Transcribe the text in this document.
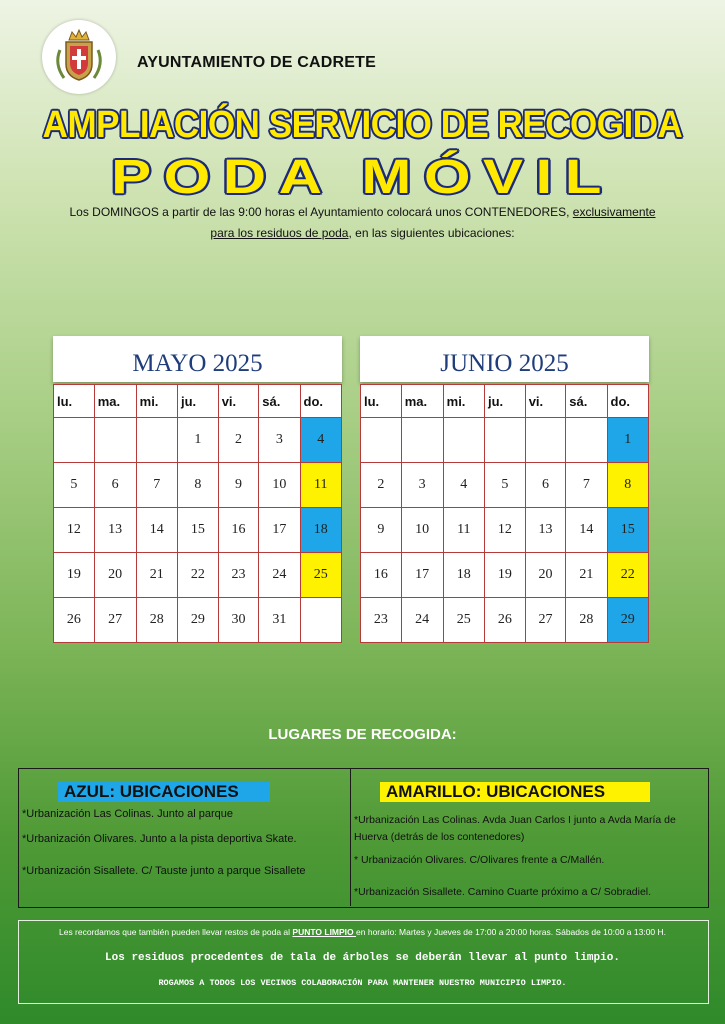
AYUNTAMIENTO DE CADRETE
AMPLIACIÓN SERVICIO DE RECOGIDA
PODA MÓVIL
Los DOMINGOS a partir de las 9:00 horas el Ayuntamiento colocará unos CONTENEDORES, exclusivamente
para los residuos de poda, en las siguientes ubicaciones:
MAYO 2025
lu.	ma.	mi.	ju.	vi.	sá.	do.
			1	2	3	4
5	6	7	8	9	10	11
12	13	14	15	16	17	18
19	20	21	22	23	24	25
26	27	28	29	30	31	
JUNIO 2025
lu.	ma.	mi.	ju.	vi.	sá.	do.
						1
2	3	4	5	6	7	8
9	10	11	12	13	14	15
16	17	18	19	20	21	22
23	24	25	26	27	28	29
LUGARES DE RECOGIDA:
AZUL: UBICACIONES
*Urbanización Las Colinas. Junto al parque
*Urbanización Olivares. Junto a la pista deportiva Skate.
*Urbanización Sisallete. C/ Tauste junto a parque Sisallete
AMARILLO: UBICACIONES
*Urbanización Las Colinas. Avda Juan Carlos I junto a Avda María de Huerva (detrás de los contenedores)
* Urbanización Olivares. C/Olivares frente a C/Mallén.
*Urbanización Sisallete. Camino Cuarte próximo a C/ Sobradiel.
Les recordamos que también pueden llevar restos de poda al PUNTO LIMPIO en horario: Martes y Jueves de 17:00 a 20:00 horas. Sábados de 10:00 a 13:00 H.
Los residuos procedentes de tala de árboles se deberán llevar al punto limpio.
ROGAMOS A TODOS LOS VECINOS COLABORACIÓN PARA MANTENER NUESTRO MUNICIPIO LIMPIO.
